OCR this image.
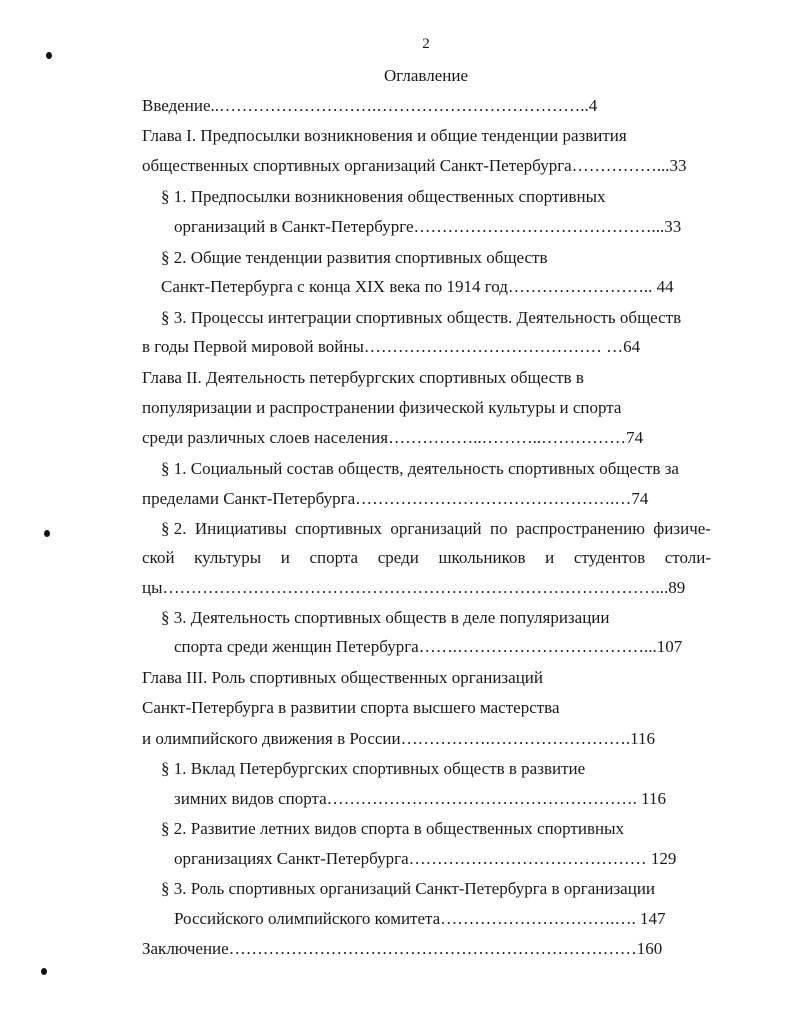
2
Оглавление
Введение..……………………….………………………………..4
Глава I. Предпосылки возникновения и общие тенденции развития
общественных спортивных организаций Санкт-Петербурга……………...33
§ 1. Предпосылки возникновения общественных спортивных
организаций в Санкт-Петербурге……………………………………...33
§ 2. Общие тенденции развития спортивных обществ
Санкт-Петербурга с конца XIX века по 1914 год…………………….. 44
§ 3. Процессы интеграции спортивных обществ. Деятельность обществ
в годы Первой мировой войны…………………………………… …64
Глава II. Деятельность петербургских спортивных обществ в
популяризации и распространении физической культуры и спорта
среди различных слоев населения……………..………..……………74
§ 1. Социальный состав обществ, деятельность спортивных обществ за
пределами Санкт-Петербурга……………………………………….…74
§ 2. Инициативы спортивных организаций по распространению физиче-
ской культуры и спорта среди школьников и студентов столи-
цы……………………………………………………………………………...89
§ 3. Деятельность спортивных обществ в деле популяризации
спорта среди женщин Петербурга…….……………………………...107
Глава III. Роль спортивных общественных организаций
Санкт-Петербурга в развитии спорта высшего мастерства
и олимпийского движения в России…………….…………………….116
§ 1. Вклад Петербургских спортивных обществ в развитие
зимних видов спорта………………………………………………. 116
§ 2. Развитие летних видов спорта в общественных спортивных
организациях Санкт-Петербурга…………………………………… 129
§ 3. Роль спортивных организаций Санкт-Петербурга в организации
Российского олимпийского комитета………………………….…. 147
Заключение………………………………………………………………160
